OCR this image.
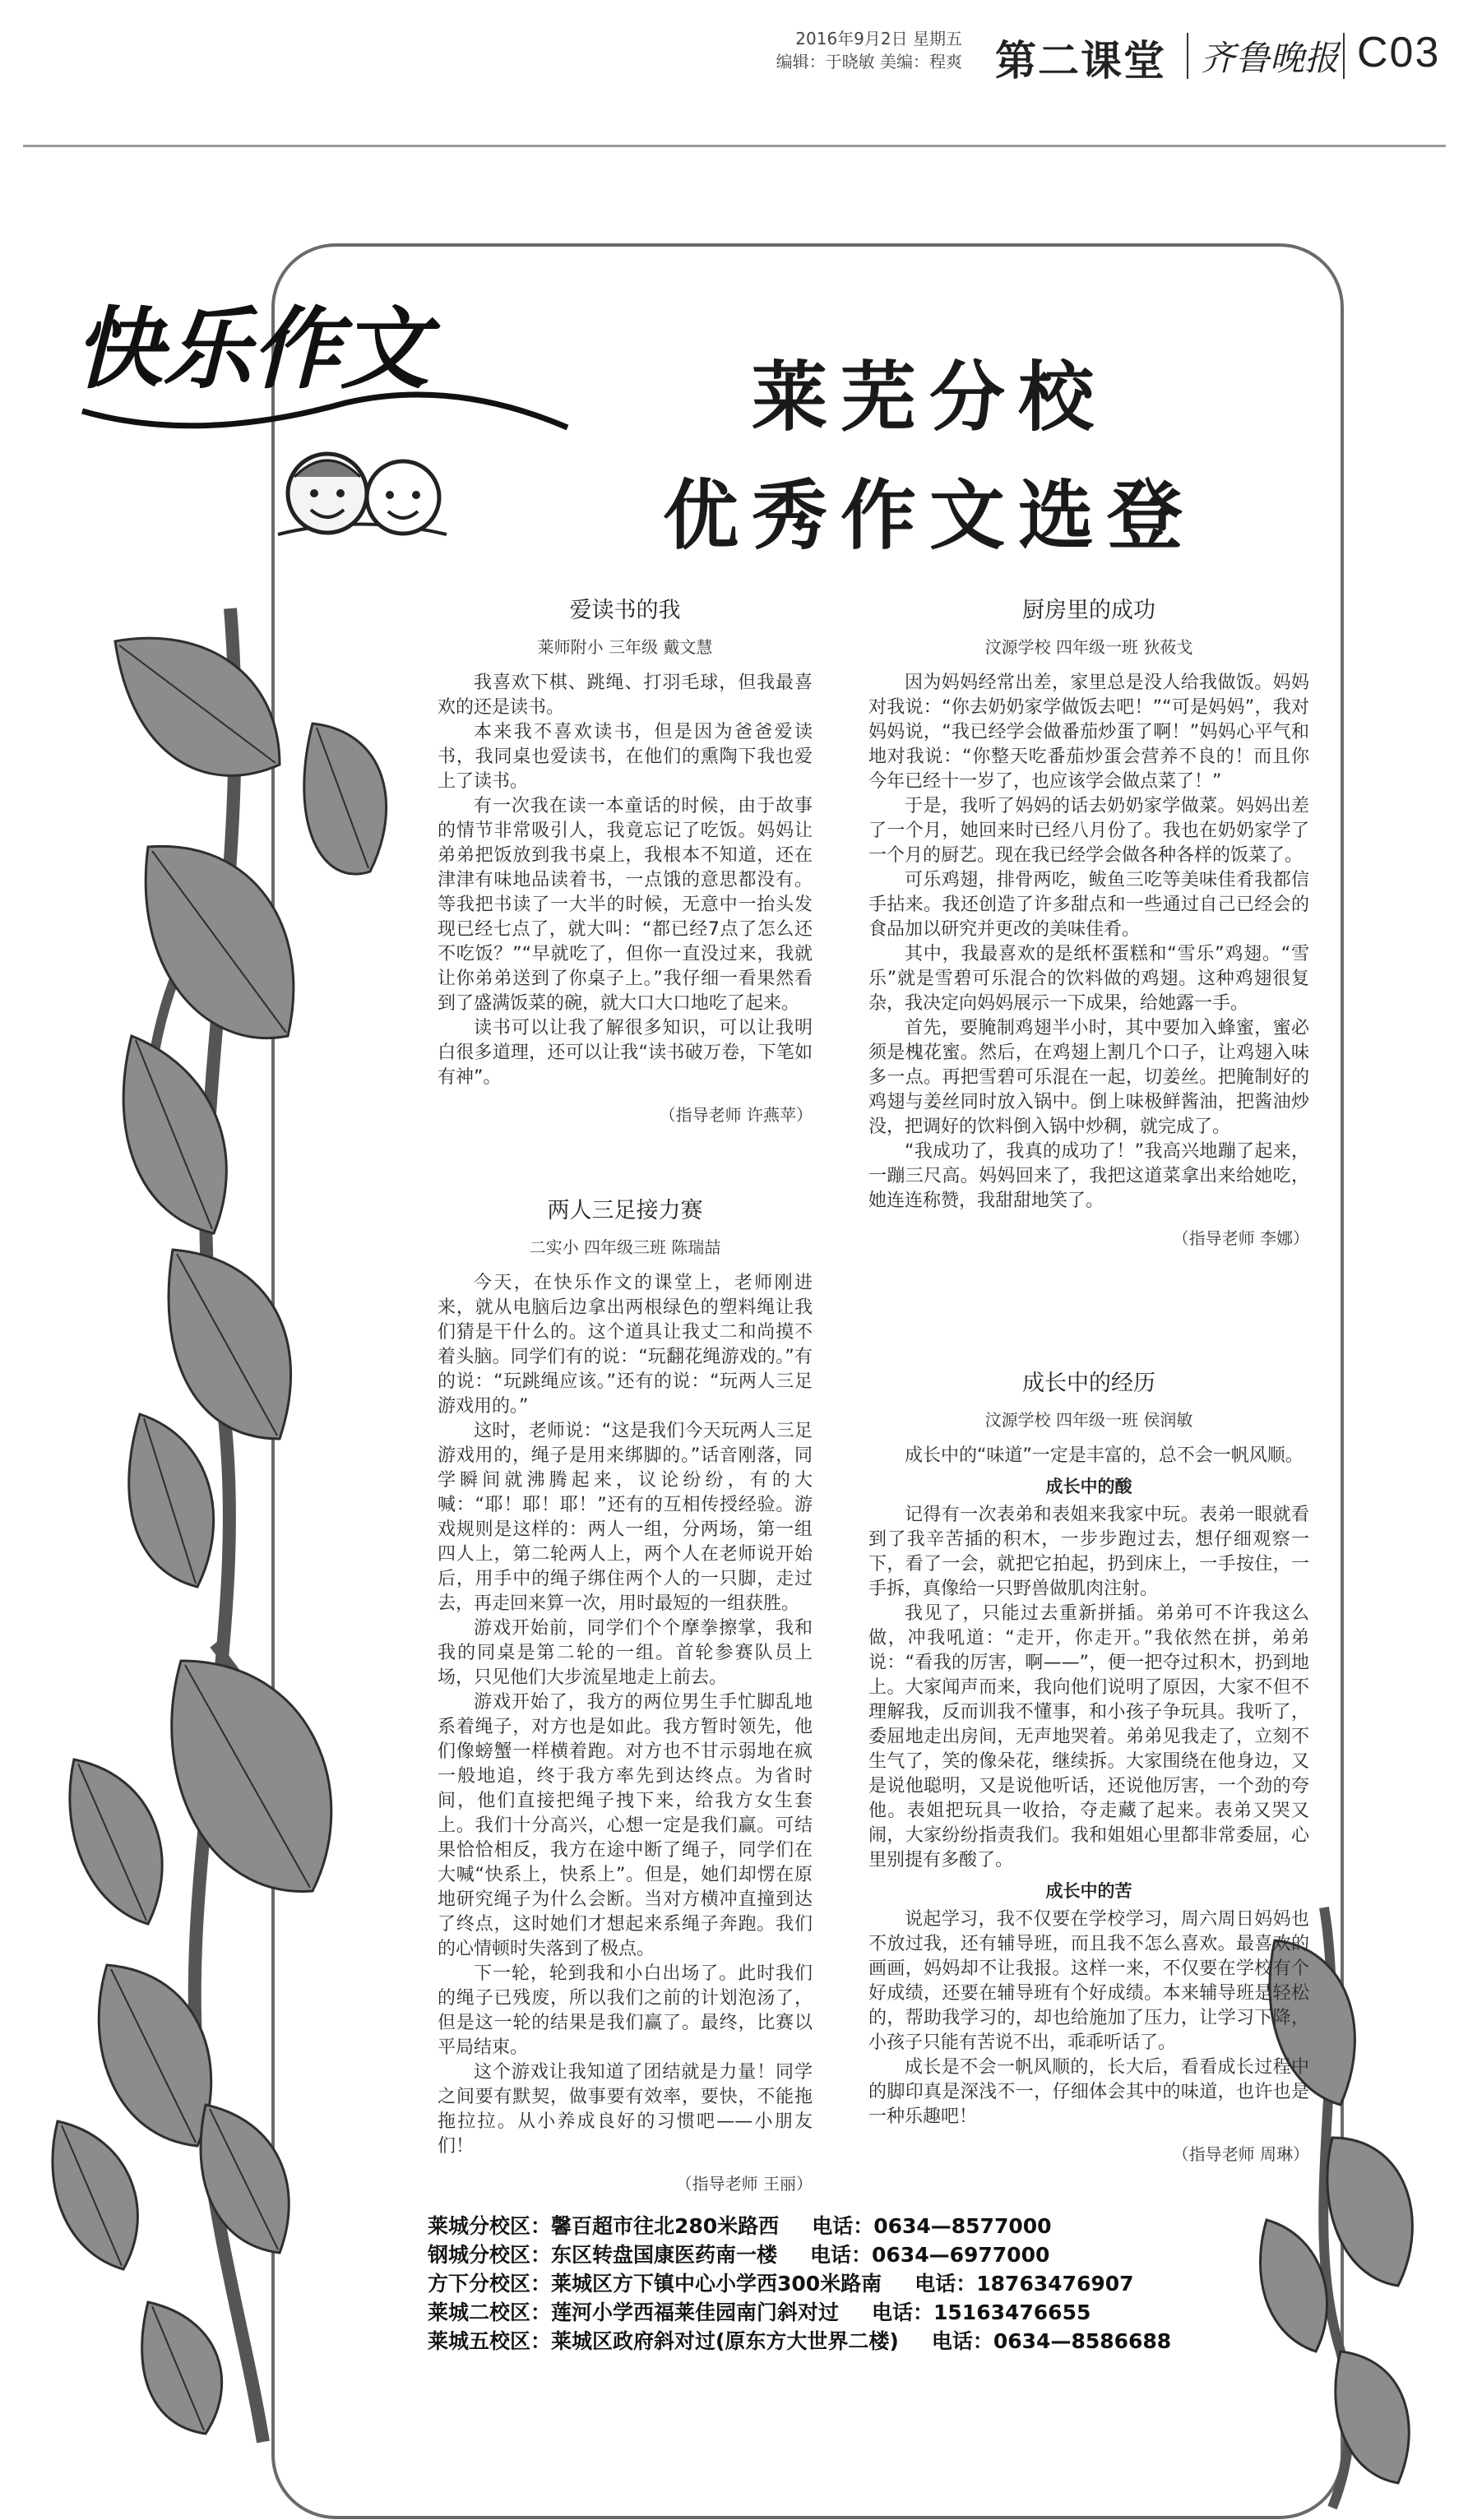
2016年9月2日 星期五
编辑：于晓敏 美编：程爽 第二课堂 齐鲁晚报 C03
快乐作文	莱芜分校
优秀作文选登
爱读书的我
莱师附小 三年级 戴文慧

我喜欢下棋、跳绳、打羽毛球，但我最喜欢的还是读书。

本来我不喜欢读书，但是因为爸爸爱读书，我同桌也爱读书，在他们的熏陶下我也爱上了读书。

有一次我在读一本童话的时候，由于故事的情节非常吸引人，我竟忘记了吃饭。妈妈让弟弟把饭放到我书桌上，我根本不知道，还在津津有味地品读着书，一点饿的意思都没有。等我把书读了一大半的时候，无意中一抬头发现已经七点了，就大叫：“都已经7点了怎么还不吃饭？”“早就吃了，但你一直没过来，我就让你弟弟送到了你桌子上。”我仔细一看果然看到了盛满饭菜的碗，就大口大口地吃了起来。

读书可以让我了解很多知识，可以让我明白很多道理，还可以让我“读书破万卷，下笔如有神”。

（指导老师 许燕苹）
两人三足接力赛
二实小 四年级三班 陈瑞喆

今天，在快乐作文的课堂上，老师刚进来，就从电脑后边拿出两根绿色的塑料绳让我们猜是干什么的。这个道具让我丈二和尚摸不着头脑。同学们有的说：“玩翻花绳游戏的。”有的说：“玩跳绳应该。”还有的说：“玩两人三足游戏用的。”

这时，老师说：“这是我们今天玩两人三足游戏用的，绳子是用来绑脚的。”话音刚落，同学瞬间就沸腾起来，议论纷纷，有的大喊：“耶！耶！耶！”还有的互相传授经验。游戏规则是这样的：两人一组，分两场，第一组四人上，第二轮两人上，两个人在老师说开始后，用手中的绳子绑住两个人的一只脚，走过去，再走回来算一次，用时最短的一组获胜。

游戏开始前，同学们个个摩拳擦掌，我和我的同桌是第二轮的一组。首轮参赛队员上场，只见他们大步流星地走上前去。

游戏开始了，我方的两位男生手忙脚乱地系着绳子，对方也是如此。我方暂时领先，他们像螃蟹一样横着跑。对方也不甘示弱地在疯一般地追，终于我方率先到达终点。为省时间，他们直接把绳子拽下来，给我方女生套上。我们十分高兴，心想一定是我们赢。可结果恰恰相反，我方在途中断了绳子，同学们在大喊“快系上，快系上”。但是，她们却愣在原地研究绳子为什么会断。当对方横冲直撞到达了终点，这时她们才想起来系绳子奔跑。我们的心情顿时失落到了极点。

下一轮，轮到我和小白出场了。此时我们的绳子已残废，所以我们之前的计划泡汤了，但是这一轮的结果是我们赢了。最终，比赛以平局结束。

这个游戏让我知道了团结就是力量！同学之间要有默契，做事要有效率，要快，不能拖拖拉拉。从小养成良好的习惯吧——小朋友们！

（指导老师 王丽）
厨房里的成功
汶源学校 四年级一班 狄莜戈

因为妈妈经常出差，家里总是没人给我做饭。妈妈对我说：“你去奶奶家学做饭去吧！”“可是妈妈”，我对妈妈说，“我已经学会做番茄炒蛋了啊！”妈妈心平气和地对我说：“你整天吃番茄炒蛋会营养不良的！而且你今年已经十一岁了，也应该学会做点菜了！”

于是，我听了妈妈的话去奶奶家学做菜。妈妈出差了一个月，她回来时已经八月份了。我也在奶奶家学了一个月的厨艺。现在我已经学会做各种各样的饭菜了。

可乐鸡翅，排骨两吃，鲅鱼三吃等美味佳肴我都信手拈来。我还创造了许多甜点和一些通过自己已经会的食品加以研究并更改的美味佳肴。

其中，我最喜欢的是纸杯蛋糕和“雪乐”鸡翅。“雪乐”就是雪碧可乐混合的饮料做的鸡翅。这种鸡翅很复杂，我决定向妈妈展示一下成果，给她露一手。

首先，要腌制鸡翅半小时，其中要加入蜂蜜，蜜必须是槐花蜜。然后，在鸡翅上割几个口子，让鸡翅入味多一点。再把雪碧可乐混在一起，切姜丝。把腌制好的鸡翅与姜丝同时放入锅中。倒上味极鲜酱油，把酱油炒没，把调好的饮料倒入锅中炒稠，就完成了。

“我成功了，我真的成功了！”我高兴地蹦了起来，一蹦三尺高。妈妈回来了，我把这道菜拿出来给她吃，她连连称赞，我甜甜地笑了。

（指导老师 李娜）
成长中的经历
汶源学校 四年级一班 侯润敏

成长中的“味道”一定是丰富的，总不会一帆风顺。

成长中的酸

记得有一次表弟和表姐来我家中玩。表弟一眼就看到了我辛苦插的积木，一步步跑过去，想仔细观察一下，看了一会，就把它拍起，扔到床上，一手按住，一手拆，真像给一只野兽做肌肉注射。

我见了，只能过去重新拼插。弟弟可不许我这么做，冲我吼道：“走开，你走开。”我依然在拼，弟弟说：“看我的厉害，啊——”，便一把夺过积木，扔到地上。大家闻声而来，我向他们说明了原因，大家不但不理解我，反而训我不懂事，和小孩子争玩具。我听了，委屈地走出房间，无声地哭着。弟弟见我走了，立刻不生气了，笑的像朵花，继续拆。大家围绕在他身边，又是说他聪明，又是说他听话，还说他厉害，一个劲的夸他。表姐把玩具一收拾，夺走藏了起来。表弟又哭又闹，大家纷纷指责我们。我和姐姐心里都非常委屈，心里别提有多酸了。

成长中的苦

说起学习，我不仅要在学校学习，周六周日妈妈也不放过我，还有辅导班，而且我不怎么喜欢。最喜欢的画画，妈妈却不让我报。这样一来，不仅要在学校有个好成绩，还要在辅导班有个好成绩。本来辅导班是轻松的，帮助我学习的，却也给施加了压力，让学习下降，小孩子只能有苦说不出，乖乖听话了。

成长是不会一帆风顺的，长大后，看看成长过程中的脚印真是深浅不一，仔细体会其中的味道，也许也是一种乐趣吧！

（指导老师 周琳）
莱城分校区：馨百超市往北280米路西 电话：0634—8577000
钢城分校区：东区转盘国康医药南一楼 电话：0634—6977000
方下分校区：莱城区方下镇中心小学西300米路南 电话：18763476907
莱城二校区：莲河小学西福莱佳园南门斜对过 电话：15163476655
莱城五校区：莱城区政府斜对过(原东方大世界二楼) 电话：0634—8586688
